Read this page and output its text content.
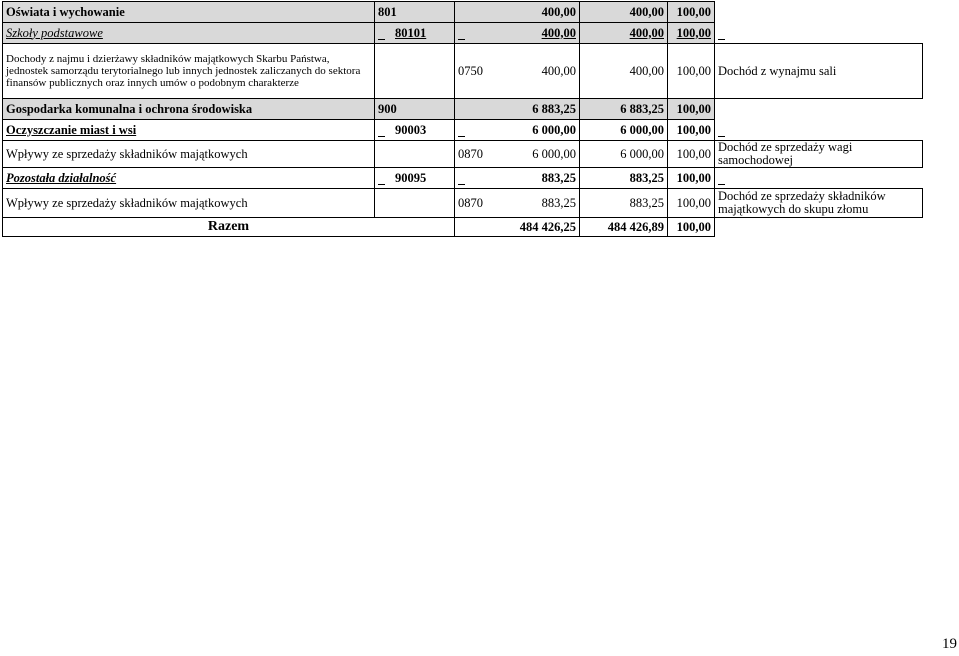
Oświata i wychowanie	801	400,00	400,00	100,00	
Szkoły podstawowe	80101	400,00	400,00	100,00	
Dochody z najmu i dzierżawy składników majątkowych Skarbu Państwa, jednostek samorządu terytorialnego lub innych jednostek zaliczanych do sektora finansów publicznych oraz innych umów o podobnym charakterze		0750 400,00	400,00	100,00	Dochód z wynajmu sali
Gospodarka komunalna i ochrona środowiska	900	6 883,25	6 883,25	100,00	
Oczyszczanie miast i wsi	90003	6 000,00	6 000,00	100,00	
Wpływy ze sprzedaży składników majątkowych		0870 6 000,00	6 000,00	100,00	Dochód ze sprzedaży wagi samochodowej
Pozostała działalność	90095	883,25	883,25	100,00	
Wpływy ze sprzedaży składników majątkowych		0870 883,25	883,25	100,00	Dochód ze sprzedaży składników majątkowych do skupu złomu
Razem		484 426,25	484 426,89	100,00	
19
